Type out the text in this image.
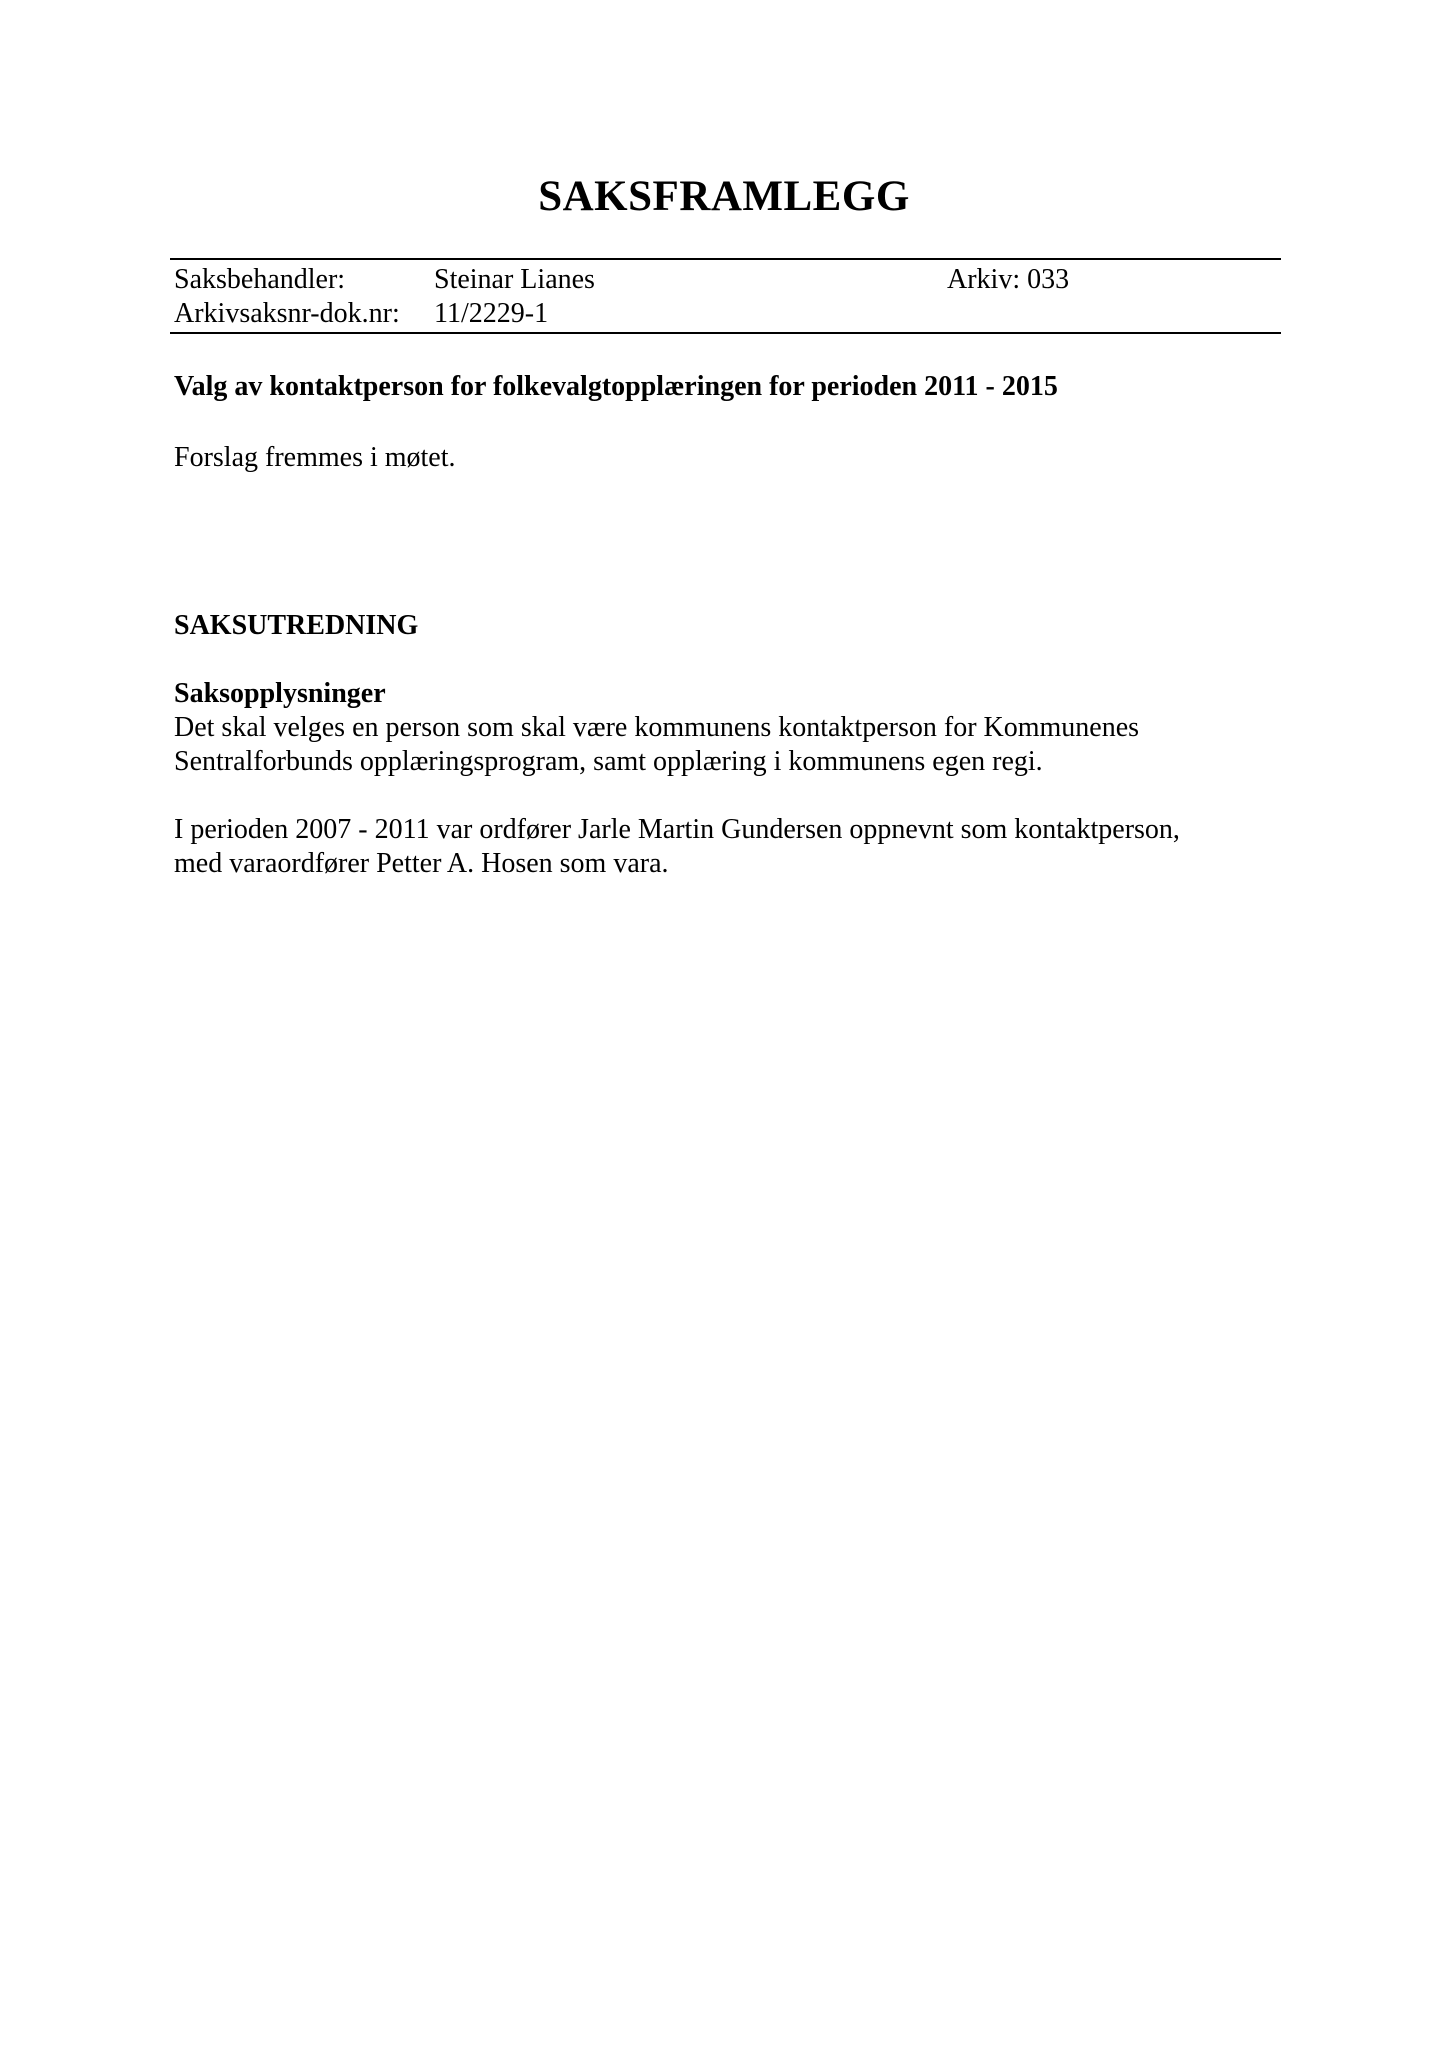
SAKSFRAMLEGG
Saksbehandler:	Steinar Lianes	Arkiv: 033
Arkivsaksnr-dok.nr: 11/2229-1
Valg av kontaktperson for folkevalgtopplæringen for perioden 2011 - 2015
Forslag fremmes i møtet.
SAKSUTREDNING
Saksopplysninger
Det skal velges en person som skal være kommunens kontaktperson for Kommunenes
Sentralforbunds opplæringsprogram, samt opplæring i kommunens egen regi.
I perioden 2007 - 2011 var ordfører Jarle Martin Gundersen oppnevnt som kontaktperson,
med varaordfører Petter A. Hosen som vara.
